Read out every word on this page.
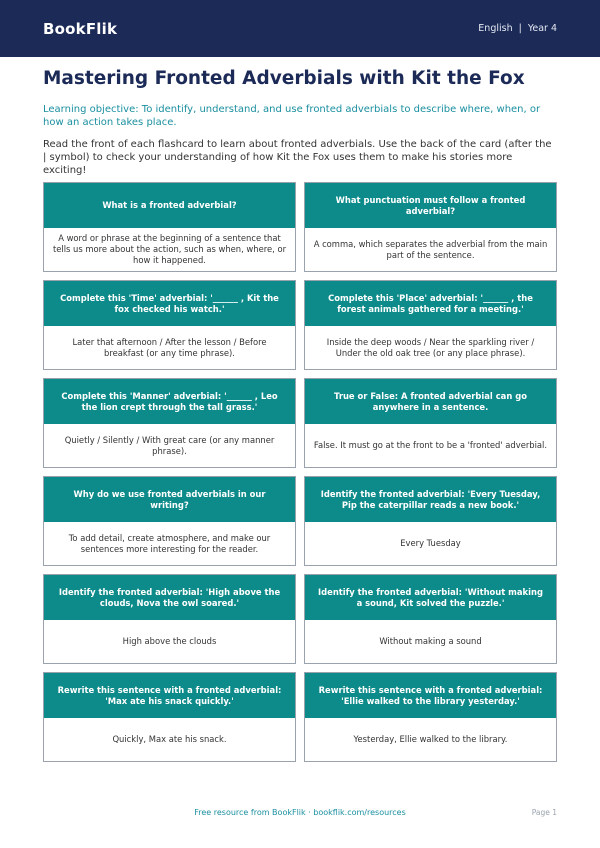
BookFlik	English | Year 4
Mastering Fronted Adverbials with Kit the Fox
Learning objective: To identify, understand, and use fronted adverbials to describe where, when, or how an action takes place.
Read the front of each flashcard to learn about fronted adverbials. Use the back of the card (after the | symbol) to check your understanding of how Kit the Fox uses them to make his stories more exciting!
What is a fronted adverbial?
A word or phrase at the beginning of a sentence that tells us more about the action, such as when, where, or how it happened.
What punctuation must follow a fronted adverbial?
A comma, which separates the adverbial from the main part of the sentence.
Complete this 'Time' adverbial: '______ , Kit the fox checked his watch.'
Later that afternoon / After the lesson / Before breakfast (or any time phrase).
Complete this 'Place' adverbial: '______ , the forest animals gathered for a meeting.'
Inside the deep woods / Near the sparkling river / Under the old oak tree (or any place phrase).
Complete this 'Manner' adverbial: '______ , Leo the lion crept through the tall grass.'
Quietly / Silently / With great care (or any manner phrase).
True or False: A fronted adverbial can go anywhere in a sentence.
False. It must go at the front to be a 'fronted' adverbial.
Why do we use fronted adverbials in our writing?
To add detail, create atmosphere, and make our sentences more interesting for the reader.
Identify the fronted adverbial: 'Every Tuesday, Pip the caterpillar reads a new book.'
Every Tuesday
Identify the fronted adverbial: 'High above the clouds, Nova the owl soared.'
High above the clouds
Identify the fronted adverbial: 'Without making a sound, Kit solved the puzzle.'
Without making a sound
Rewrite this sentence with a fronted adverbial: 'Max ate his snack quickly.'
Quickly, Max ate his snack.
Rewrite this sentence with a fronted adverbial: 'Ellie walked to the library yesterday.'
Yesterday, Ellie walked to the library.
Free resource from BookFlik · bookflik.com/resources	Page 1
